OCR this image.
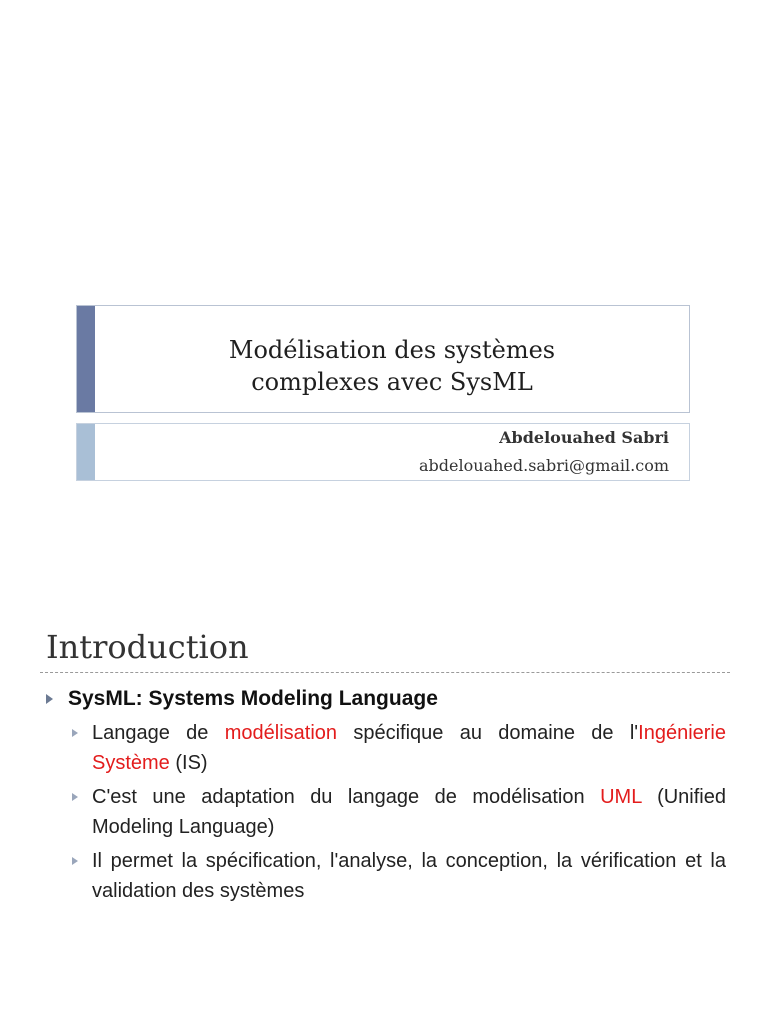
Modélisation des systèmes
complexes avec SysML
Abdelouahed Sabri
abdelouahed.sabri@gmail.com
Introduction
SysML: Systems Modeling Language
Langage de modélisation spécifique au domaine de l'Ingénierie Système (IS)
C'est une adaptation du langage de modélisation UML (Unified Modeling Language)
Il permet la spécification, l'analyse, la conception, la vérification et la validation des systèmes
